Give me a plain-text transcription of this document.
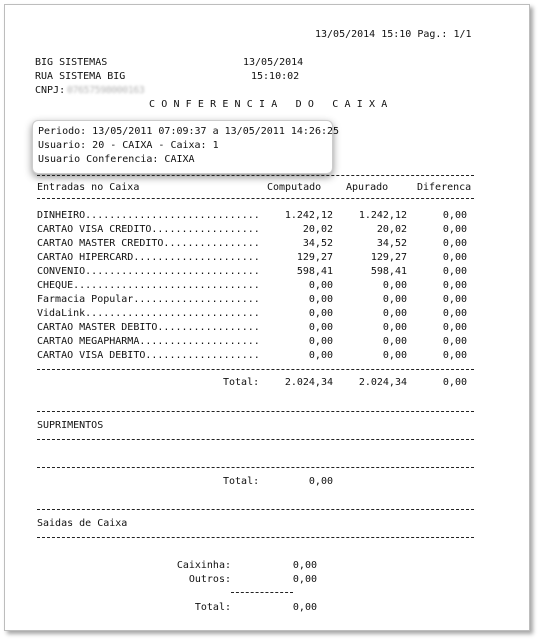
13/05/2014 15:10 Pag.: 1/1
BIG SISTEMAS	13/05/2014
RUA SISTEMA BIG	15:10:02
CNPJ: 07657598000163
CONFERENCIA DO CAIXA
Periodo: 13/05/2011 07:09:37 a 13/05/2011 14:26:25
Usuario: 20 - CAIXA - Caixa: 1
Usuario Conferencia: CAIXA
Entradas no Caixa	Computado Apurado	Diferenca
DINHEIRO.............................	1.242,12	1.242,12	0,00
CARTAO VISA CREDITO..................	20,02	20,02	0,00
CARTAO MASTER CREDITO................	34,52	34,52	0,00
CARTAO HIPERCARD.....................	129,27	129,27	0,00
CONVENIO.............................	598,41	598,41	0,00
CHEQUE...............................	0,00	0,00	0,00
Farmacia Popular.....................	0,00	0,00	0,00
VidaLink.............................	0,00	0,00	0,00
CARTAO MASTER DEBITO.................	0,00	0,00	0,00
CARTAO MEGAPHARMA....................	0,00	0,00	0,00
CARTAO VISA DEBITO...................	0,00	0,00	0,00
Total:	2.024,34	2.024,34	0,00
SUPRIMENTOS
Total:	0,00
Saidas de Caixa
Caixinha:	0,00
Outros:	0,00
Total:	0,00
